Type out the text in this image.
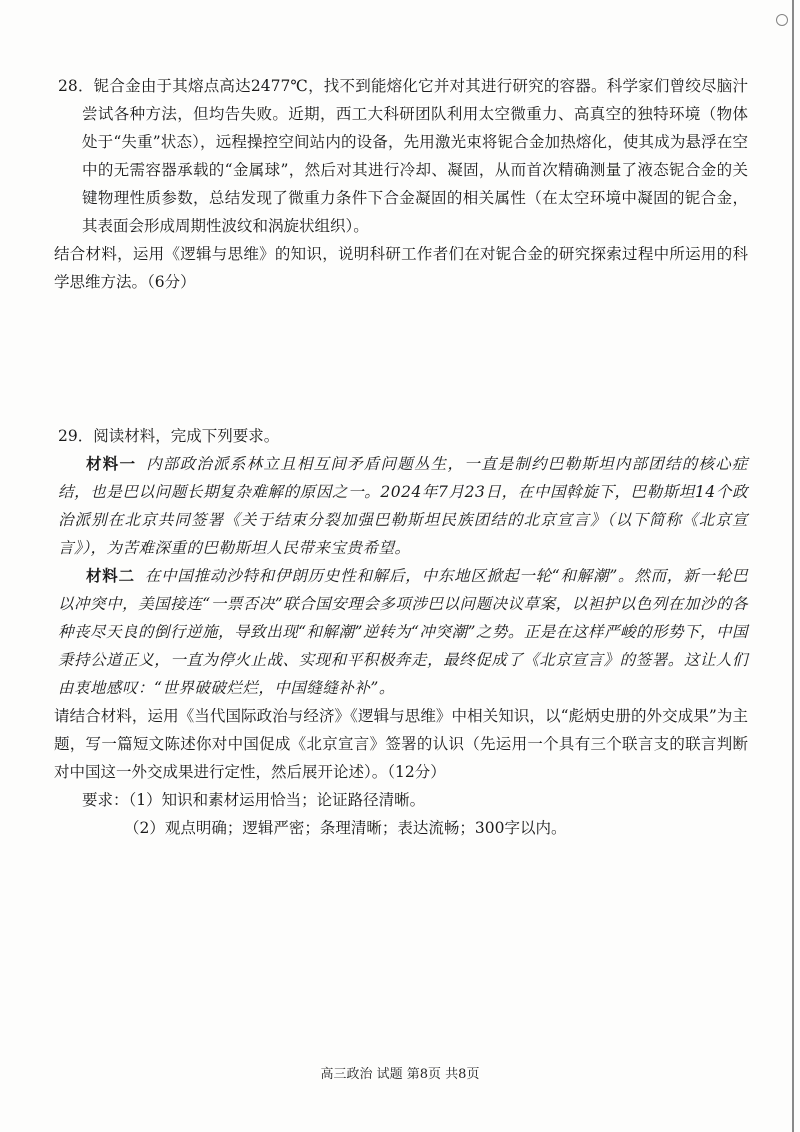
28．铌合金由于其熔点高达2477℃，找不到能熔化它并对其进行研究的容器。科学家们曾绞尽脑汁尝试各种方法，但均告失败。近期，西工大科研团队利用太空微重力、高真空的独特环境（物体处于“失重”状态），远程操控空间站内的设备，先用激光束将铌合金加热熔化，使其成为悬浮在空中的无需容器承载的“金属球”，然后对其进行冷却、凝固，从而首次精确测量了液态铌合金的关键物理性质参数，总结发现了微重力条件下合金凝固的相关属性（在太空环境中凝固的铌合金，其表面会形成周期性波纹和涡旋状组织）。

结合材料，运用《逻辑与思维》的知识，说明科研工作者们在对铌合金的研究探索过程中所运用的科学思维方法。（6分）

29．阅读材料，完成下列要求。

材料一 内部政治派系林立且相互间矛盾问题丛生，一直是制约巴勒斯坦内部团结的核心症结，也是巴以问题长期复杂难解的原因之一。2024年7月23日，在中国斡旋下，巴勒斯坦14个政治派别在北京共同签署《关于结束分裂加强巴勒斯坦民族团结的北京宣言》（以下简称《北京宣言》），为苦难深重的巴勒斯坦人民带来宝贵希望。

材料二 在中国推动沙特和伊朗历史性和解后，中东地区掀起一轮“和解潮”。然而，新一轮巴以冲突中，美国接连“一票否决”联合国安理会多项涉巴以问题决议草案，以袒护以色列在加沙的各种丧尽天良的倒行逆施，导致出现“和解潮”逆转为“冲突潮”之势。正是在这样严峻的形势下，中国秉持公道正义，一直为停火止战、实现和平积极奔走，最终促成了《北京宣言》的签署。这让人们由衷地感叹：“世界破破烂烂，中国缝缝补补”。

请结合材料，运用《当代国际政治与经济》《逻辑与思维》中相关知识，以“彪炳史册的外交成果”为主题，写一篇短文陈述你对中国促成《北京宣言》签署的认识（先运用一个具有三个联言支的联言判断对中国这一外交成果进行定性，然后展开论述）。（12分）

要求：（1）知识和素材运用恰当；论证路径清晰。

（2）观点明确；逻辑严密；条理清晰；表达流畅；300字以内。

高三政治 试题 第8页 共8页
